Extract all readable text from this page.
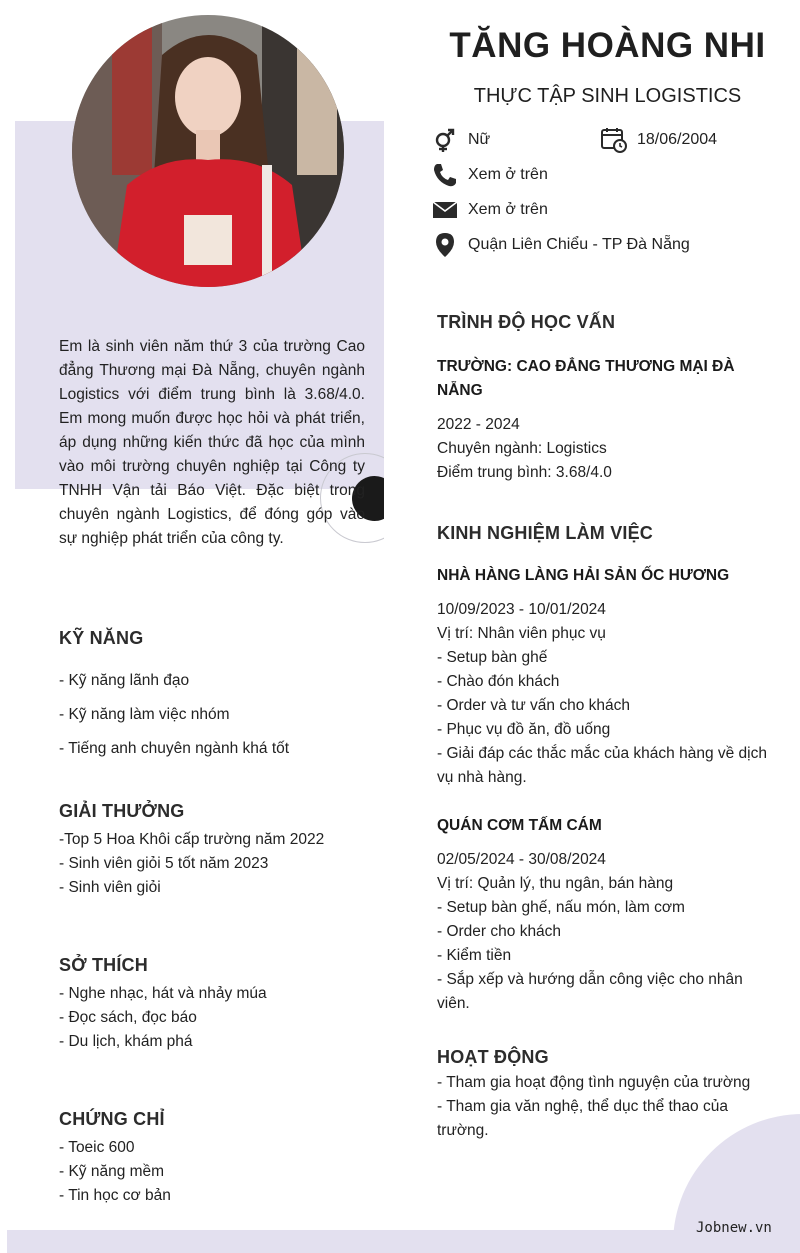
Em là sinh viên năm thứ 3 của trường Cao đẳng Thương mại Đà Nẵng, chuyên ngành Logistics với điểm trung bình là 3.68/4.0. Em mong muốn được học hỏi và phát triển, áp dụng những kiến thức đã học của mình vào môi trường chuyên nghiệp tại Công ty TNHH Vận tải Báo Việt. Đặc biệt trong chuyên ngành Logistics, để đóng góp vào sự nghiệp phát triển của công ty.

KỸ NĂNG
- Kỹ năng lãnh đạo
- Kỹ năng làm việc nhóm
- Tiếng anh chuyên ngành khá tốt
GIẢI THƯỞNG
-Top 5 Hoa Khôi cấp trường năm 2022
- Sinh viên giỏi 5 tốt năm 2023
- Sinh viên giỏi
SỞ THÍCH
- Nghe nhạc, hát và nhảy múa
- Đọc sách, đọc báo
- Du lịch, khám phá
CHỨNG CHỈ
- Toeic 600
- Kỹ năng mềm
- Tin học cơ bản
TĂNG HOÀNG NHI
THỰC TẬP SINH LOGISTICS
Nữ	18/06/2004
Xem ở trên
Xem ở trên
Quận Liên Chiểu - TP Đà Nẵng
TRÌNH ĐỘ HỌC VẤN
TRƯỜNG: CAO ĐẲNG THƯƠNG MẠI ĐÀ NẴNG
2022 - 2024
Chuyên ngành: Logistics
Điểm trung bình: 3.68/4.0
KINH NGHIỆM LÀM VIỆC
NHÀ HÀNG LÀNG HẢI SẢN ỐC HƯƠNG
10/09/2023 - 10/01/2024
Vị trí: Nhân viên phục vụ
- Setup bàn ghế
- Chào đón khách
- Order và tư vấn cho khách
- Phục vụ đồ ăn, đồ uống
- Giải đáp các thắc mắc của khách hàng về dịch vụ nhà hàng.
QUÁN CƠM TẤM CÁM
02/05/2024 - 30/08/2024
Vị trí: Quản lý, thu ngân, bán hàng
- Setup bàn ghế, nấu món, làm cơm
- Order cho khách
- Kiểm tiền
- Sắp xếp và hướng dẫn công việc cho nhân viên.
HOẠT ĐỘNG
- Tham gia hoạt động tình nguyện của trường
- Tham gia văn nghệ, thể dục thể thao của trường.
Jobnew.vn
